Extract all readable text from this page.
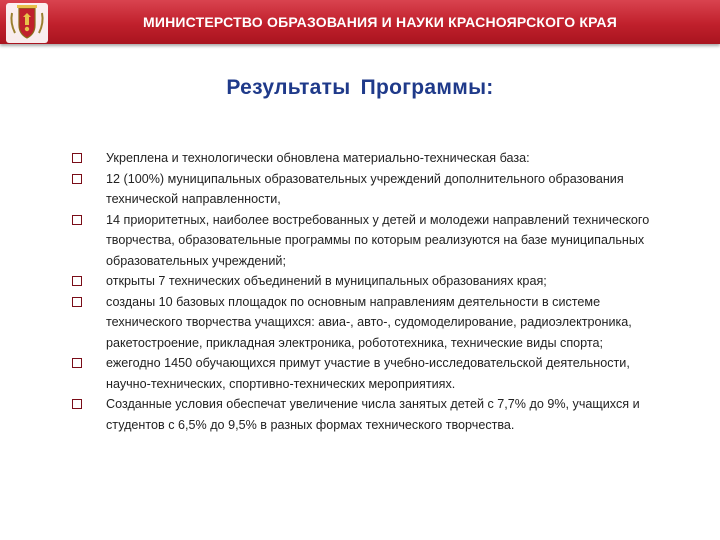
МИНИСТЕРСТВО ОБРАЗОВАНИЯ И НАУКИ КРАСНОЯРСКОГО КРАЯ
Результаты Программы:
Укреплена и технологически обновлена материально-техническая база:
12 (100%) муниципальных образовательных учреждений дополнительного образования технической направленности,
14 приоритетных, наиболее востребованных у детей и молодежи направлений технического творчества, образовательные программы по которым реализуются на базе муниципальных образовательных учреждений;
открыты 7 технических объединений в муниципальных образованиях края;
созданы 10 базовых площадок по основным направлениям деятельности в системе технического творчества учащихся: авиа-, авто-, судомоделирование, радиоэлектроника, ракетостроение, прикладная электроника, робототехника, технические виды спорта;
ежегодно 1450 обучающихся примут участие в учебно-исследовательской деятельности, научно-технических, спортивно-технических мероприятиях.
Созданные условия обеспечат увеличение числа занятых детей с 7,7% до 9%, учащихся и студентов с 6,5% до 9,5% в разных формах технического творчества.
